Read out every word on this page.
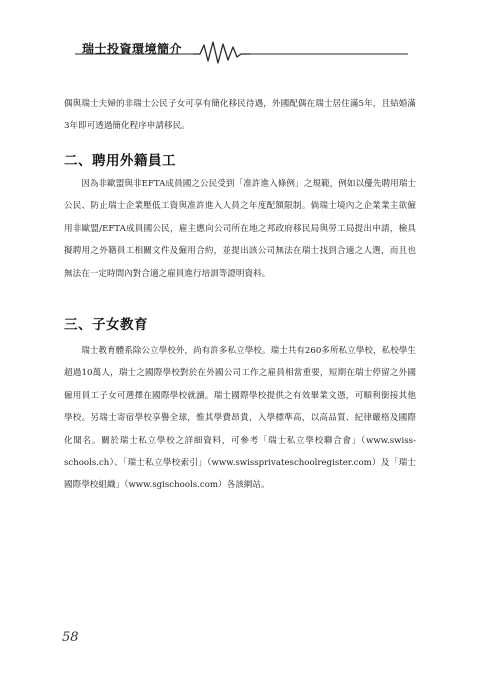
瑞士投資環境簡介

偶與瑞士夫婦的非瑞士公民子女可享有簡化移民待遇，外國配偶在瑞士居住滿5年，且結婚滿3年即可透過簡化程序申請移民。

二、聘用外籍員工

因為非歐盟與非EFTA成員國之公民受到「准許進入條例」之規範，例如以優先聘用瑞士公民、防止瑞士企業壓低工資與准許進入人員之年度配額限制。倘瑞士境內之企業業主欲僱用非歐盟/EFTA成員國公民，雇主應向公司所在地之邦政府移民局與勞工局提出申請，檢具擬聘用之外籍員工相關文件及僱用合約，並提出該公司無法在瑞士找到合適之人選，而且也無法在一定時間內對合適之雇員進行培訓等證明資料。

三、子女教育

瑞士教育體系除公立學校外，尚有許多私立學校。瑞士共有260多所私立學校，私校學生超過10萬人，瑞士之國際學校對於在外國公司工作之雇員相當重要，短期在瑞士停留之外國僱用員工子女可選擇在國際學校就讀。瑞士國際學校提供之有效畢業文憑，可順利銜接其他學校。另瑞士寄宿學校享譽全球，惟其學費昂貴，入學標準高，以高品質、紀律嚴格及國際化聞名。關於瑞士私立學校之詳細資料，可參考「瑞士私立學校聯合會」（www.swiss-schools.ch）、「瑞士私立學校索引」（www.swissprivateschoolregister.com）及「瑞士國際學校組織」（www.sgischools.com）各該網站。

58
